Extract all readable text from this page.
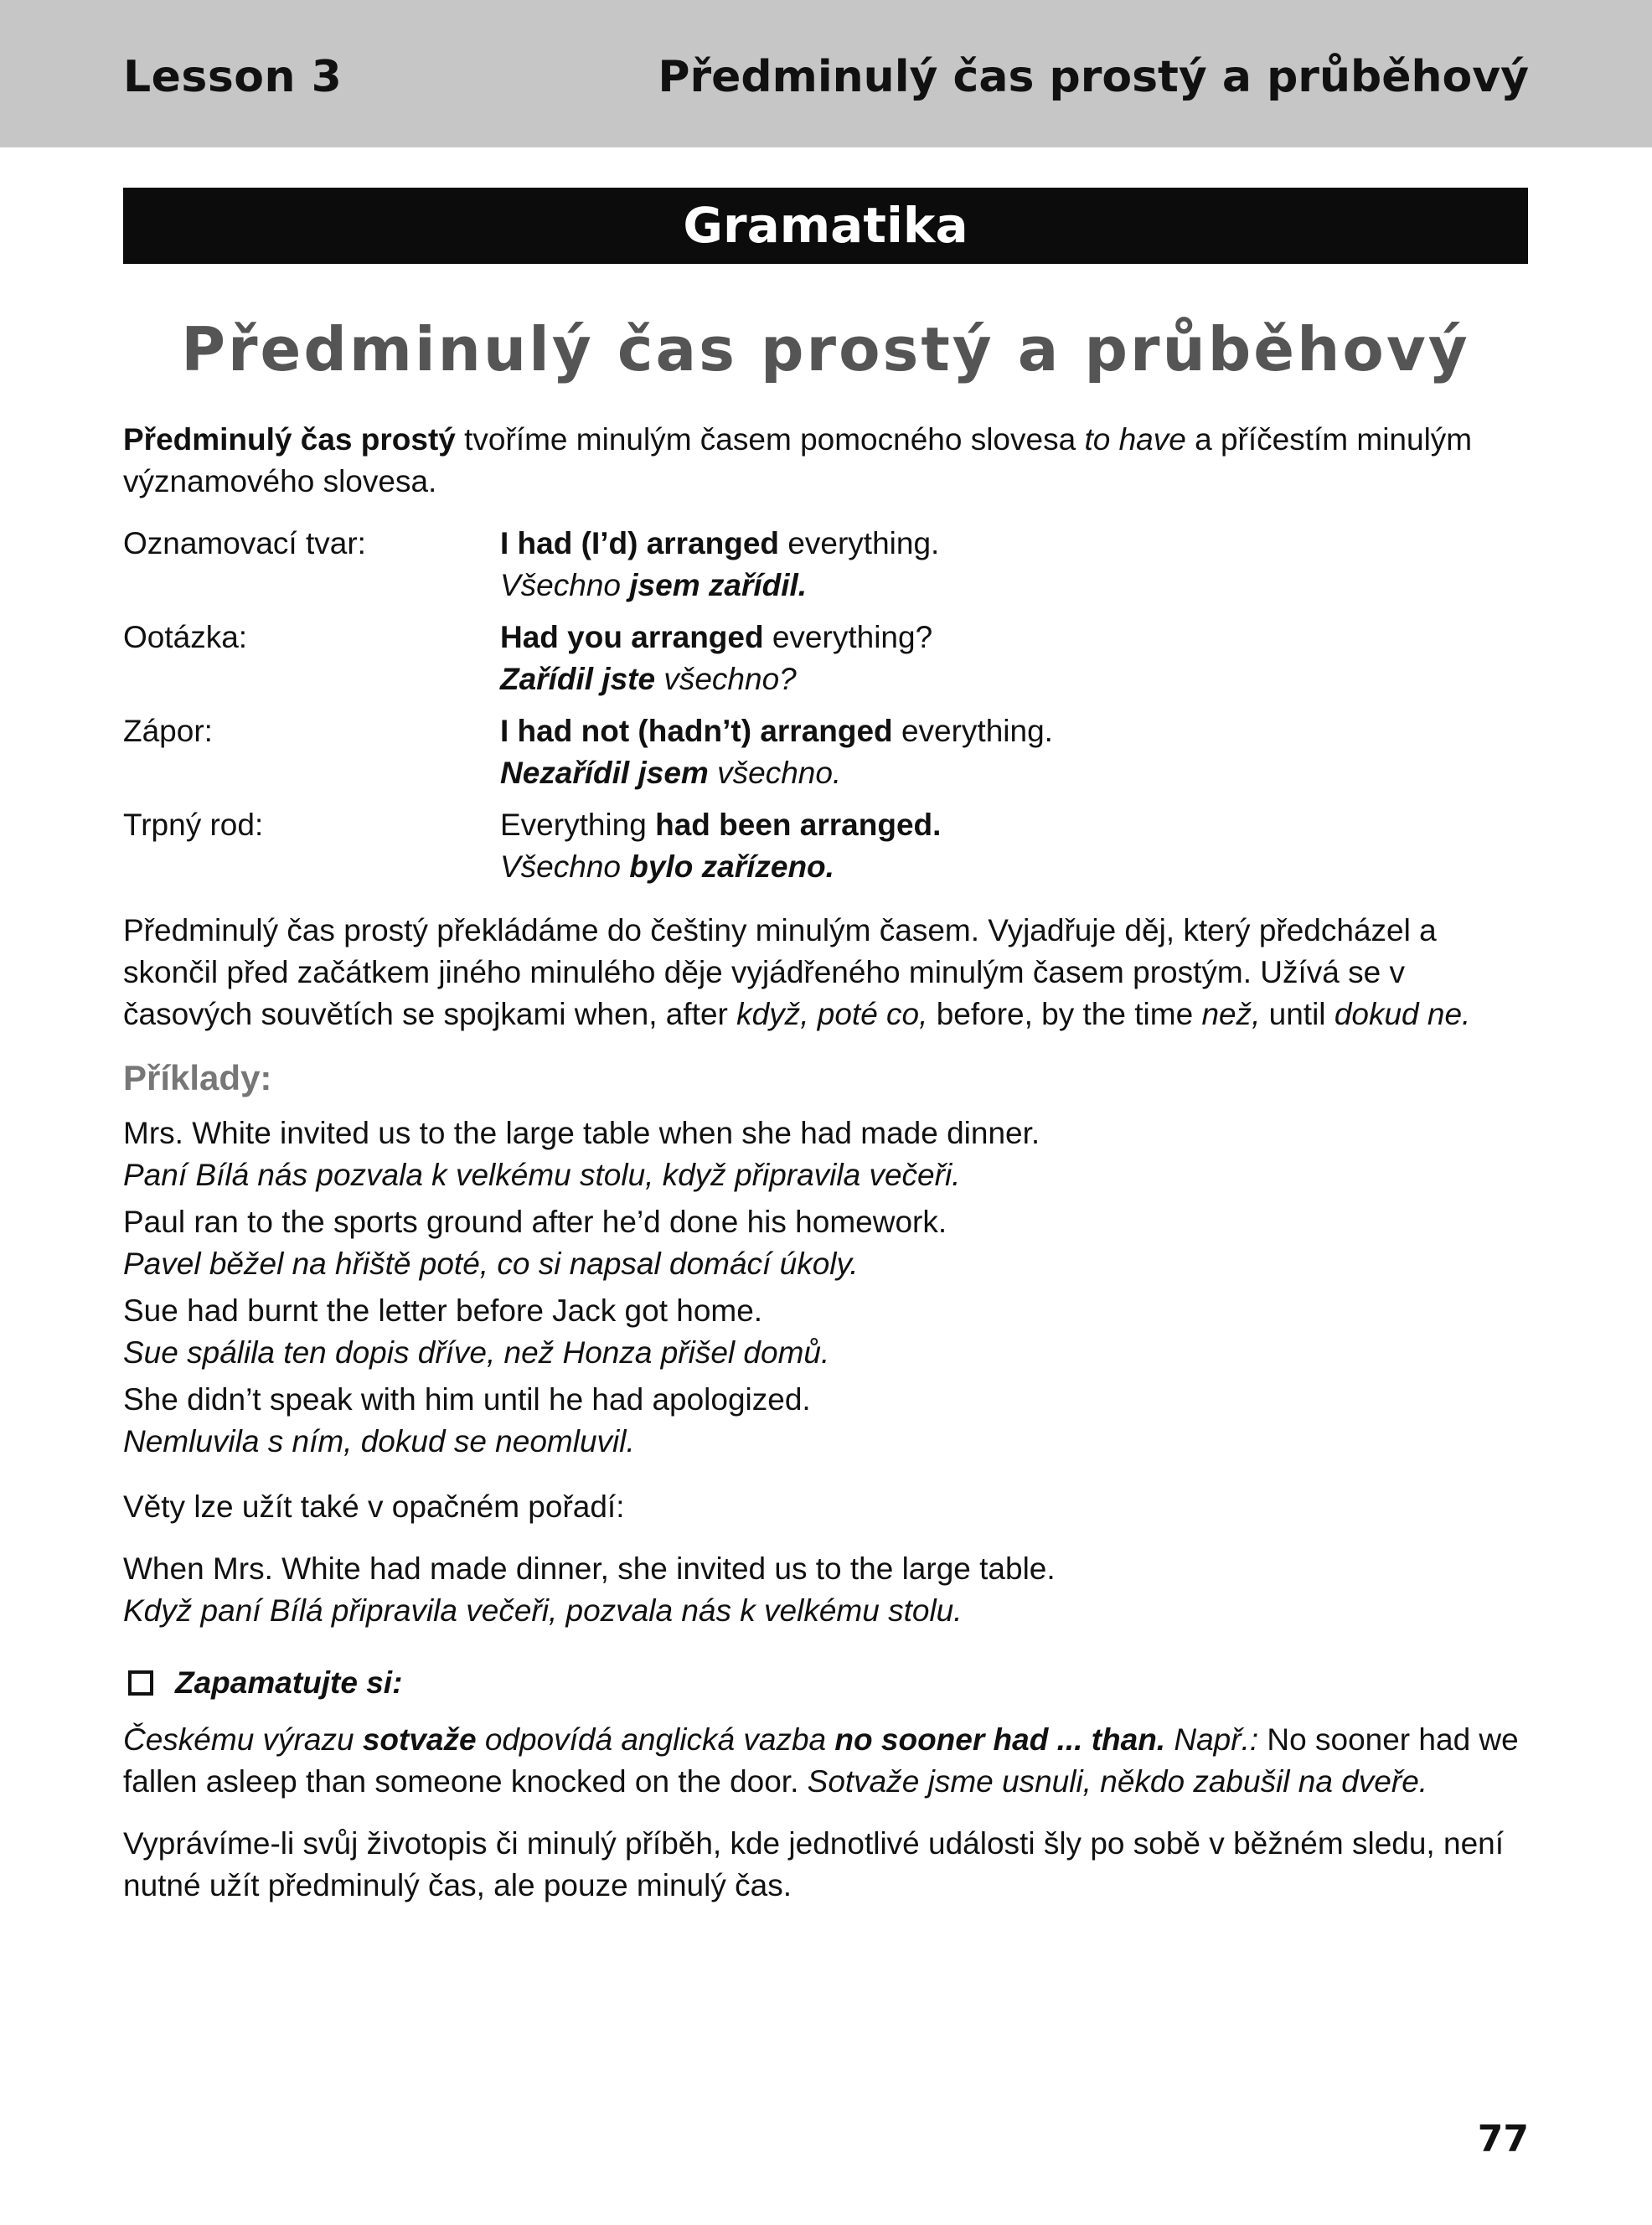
Lesson 3	Předminulý čas prostý a průběhový
Gramatika
Předminulý čas prostý a průběhový

Předminulý čas prostý tvoříme minulým časem pomocného slovesa to have a příčestím minulým významového slovesa.

Oznamovací tvar:	I had (I’d) arranged everything.
Všechno jsem zařídil.
Ootázka:	Had you arranged everything?
Zařídil jste všechno?
Zápor:	I had not (hadn’t) arranged everything.
Nezařídil jsem všechno.
Trpný rod:	Everything had been arranged.
Všechno bylo zařízeno.

Předminulý čas prostý překládáme do češtiny minulým časem. Vyjadřuje děj, který předcházel a skončil před začátkem jiného minulého děje vyjádřeného minulým časem prostým. Užívá se v časových souvětích se spojkami when, after když, poté co, before, by the time než, until dokud ne.

Příklady:
Mrs. White invited us to the large table when she had made dinner.
Paní Bílá nás pozvala k velkému stolu, když připravila večeři.
Paul ran to the sports ground after he’d done his homework.
Pavel běžel na hřiště poté, co si napsal domácí úkoly.
Sue had burnt the letter before Jack got home.
Sue spálila ten dopis dříve, než Honza přišel domů.
She didn’t speak with him until he had apologized.
Nemluvila s ním, dokud se neomluvil.

Věty lze užít také v opačném pořadí:

When Mrs. White had made dinner, she invited us to the large table.
Když paní Bílá připravila večeři, pozvala nás k velkému stolu.
Zapamatujte si:

Českému výrazu sotvaže odpovídá anglická vazba no sooner had ... than. Např.: No sooner had we fallen asleep than someone knocked on the door. Sotvaže jsme usnuli, někdo zabušil na dveře.

Vyprávíme-li svůj životopis či minulý příběh, kde jednotlivé události šly po sobě v běžném sledu, není nutné užít předminulý čas, ale pouze minulý čas.

77
